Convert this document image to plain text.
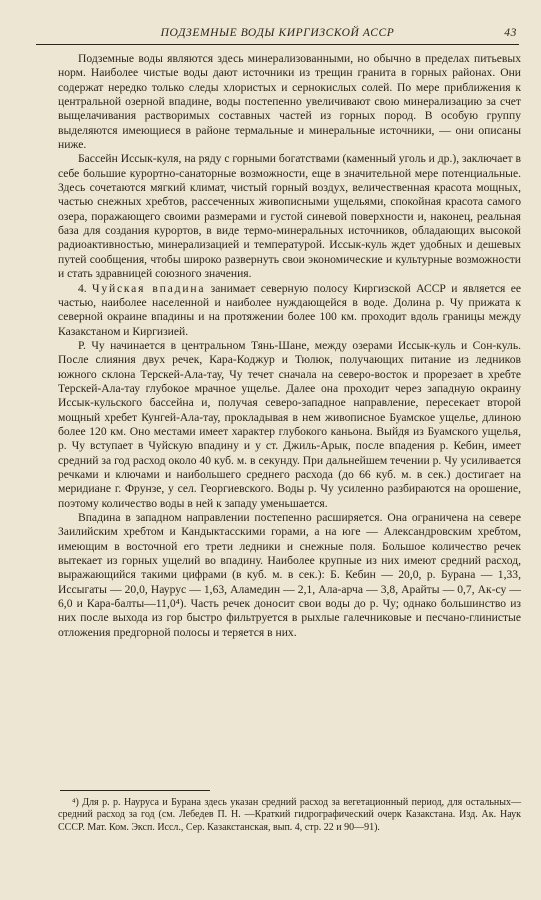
ПОДЗЕМНЫЕ ВОДЫ КИРГИЗСКОЙ АССР	43

Подземные воды являются здесь минерализованными, но обычно в пределах питьевых норм. Наиболее чистые воды дают источники из трещин гранита в горных районах. Они содержат нередко только следы хлористых и сернокислых солей. По мере приближения к центральной озерной впадине, воды постепенно увеличивают свою минерализацию за счет выщелачивания растворимых составных частей из горных пород. В особую группу выделяются имеющиеся в районе термальные и минеральные источники, — они описаны ниже.

Бассейн Иссык-куля, на ряду с горными богатствами (каменный уголь и др.), заключает в себе большие курортно-санаторные возможности, еще в значительной мере потенциальные. Здесь сочетаются мягкий климат, чистый горный воздух, величественная красота мощных, частью снежных хребтов, рассеченных живописными ущельями, спокойная красота самого озера, поражающего своими размерами и густой синевой поверхности и, наконец, реальная база для создания курортов, в виде термо-минеральных источников, обладающих высокой радиоактивностью, минерализацией и температурой. Иссык-куль ждет удобных и дешевых путей сообщения, чтобы широко развернуть свои экономические и культурные возможности и стать здравницей союзного значения.

4. Чуйская впадина занимает северную полосу Киргизской АССР и является ее частью, наиболее населенной и наиболее нуждающейся в воде. Долина р. Чу прижата к северной окраине впадины и на протяжении более 100 км. проходит вдоль границы между Казакстаном и Киргизией.

Р. Чу начинается в центральном Тянь-Шане, между озерами Иссык-куль и Сон-куль. После слияния двух речек, Кара-Коджур и Тюлюк, получающих питание из ледников южного склона Терскей-Ала-тау, Чу течет сначала на северо-восток и прорезает в хребте Терскей-Ала-тау глубокое мрачное ущелье. Далее она проходит через западную окраину Иссык-кульского бассейна и, получая северо-западное направление, пересекает второй мощный хребет Кунгей-Ала-тау, прокладывая в нем живописное Буамское ущелье, длиною более 120 км. Оно местами имеет характер глубокого каньона. Выйдя из Буамского ущелья, р. Чу вступает в Чуйскую впадину и у ст. Джиль-Арык, после впадения р. Кебин, имеет средний за год расход около 40 куб. м. в секунду. При дальнейшем течении р. Чу усиливается речками и ключами и наибольшего среднего расхода (до 66 куб. м. в сек.) достигает на меридиане г. Фрунзе, у сел. Георгиевского. Воды р. Чу усиленно разбираются на орошение, поэтому количество воды в ней к западу уменьшается.

Впадина в западном направлении постепенно расширяется. Она ограничена на севере Заилийским хребтом и Кандыктасскими горами, а на юге — Александровским хребтом, имеющим в восточной его трети ледники и снежные поля. Большое количество речек вытекает из горных ущелий во впадину. Наиболее крупные из них имеют средний расход, выражающийся такими цифрами (в куб. м. в сек.): Б. Кебин — 20,0, р. Бурана — 1,33, Иссыгаты — 20,0, Наурус — 1,63, Аламедин — 2,1, Ала-арча — 3,8, Арайты — 0,7, Ак-су — 6,0 и Кара-балты—11,0⁴). Часть речек доносит свои воды до р. Чу; однако большинство из них после выхода из гор быстро фильтруется в рыхлые галечниковые и песчано-глинистые отложения предгорной полосы и теряется в них.

⁴) Для р. р. Науруса и Бурана здесь указан средний расход за вегетационный период, для остальных—средний расход за год (см. Лебедев П. Н. —Краткий гидрографический очерк Казакстана. Изд. Ак. Наук СССР. Мат. Ком. Эксп. Иссл., Сер. Казакстанская, вып. 4, стр. 22 и 90—91).
